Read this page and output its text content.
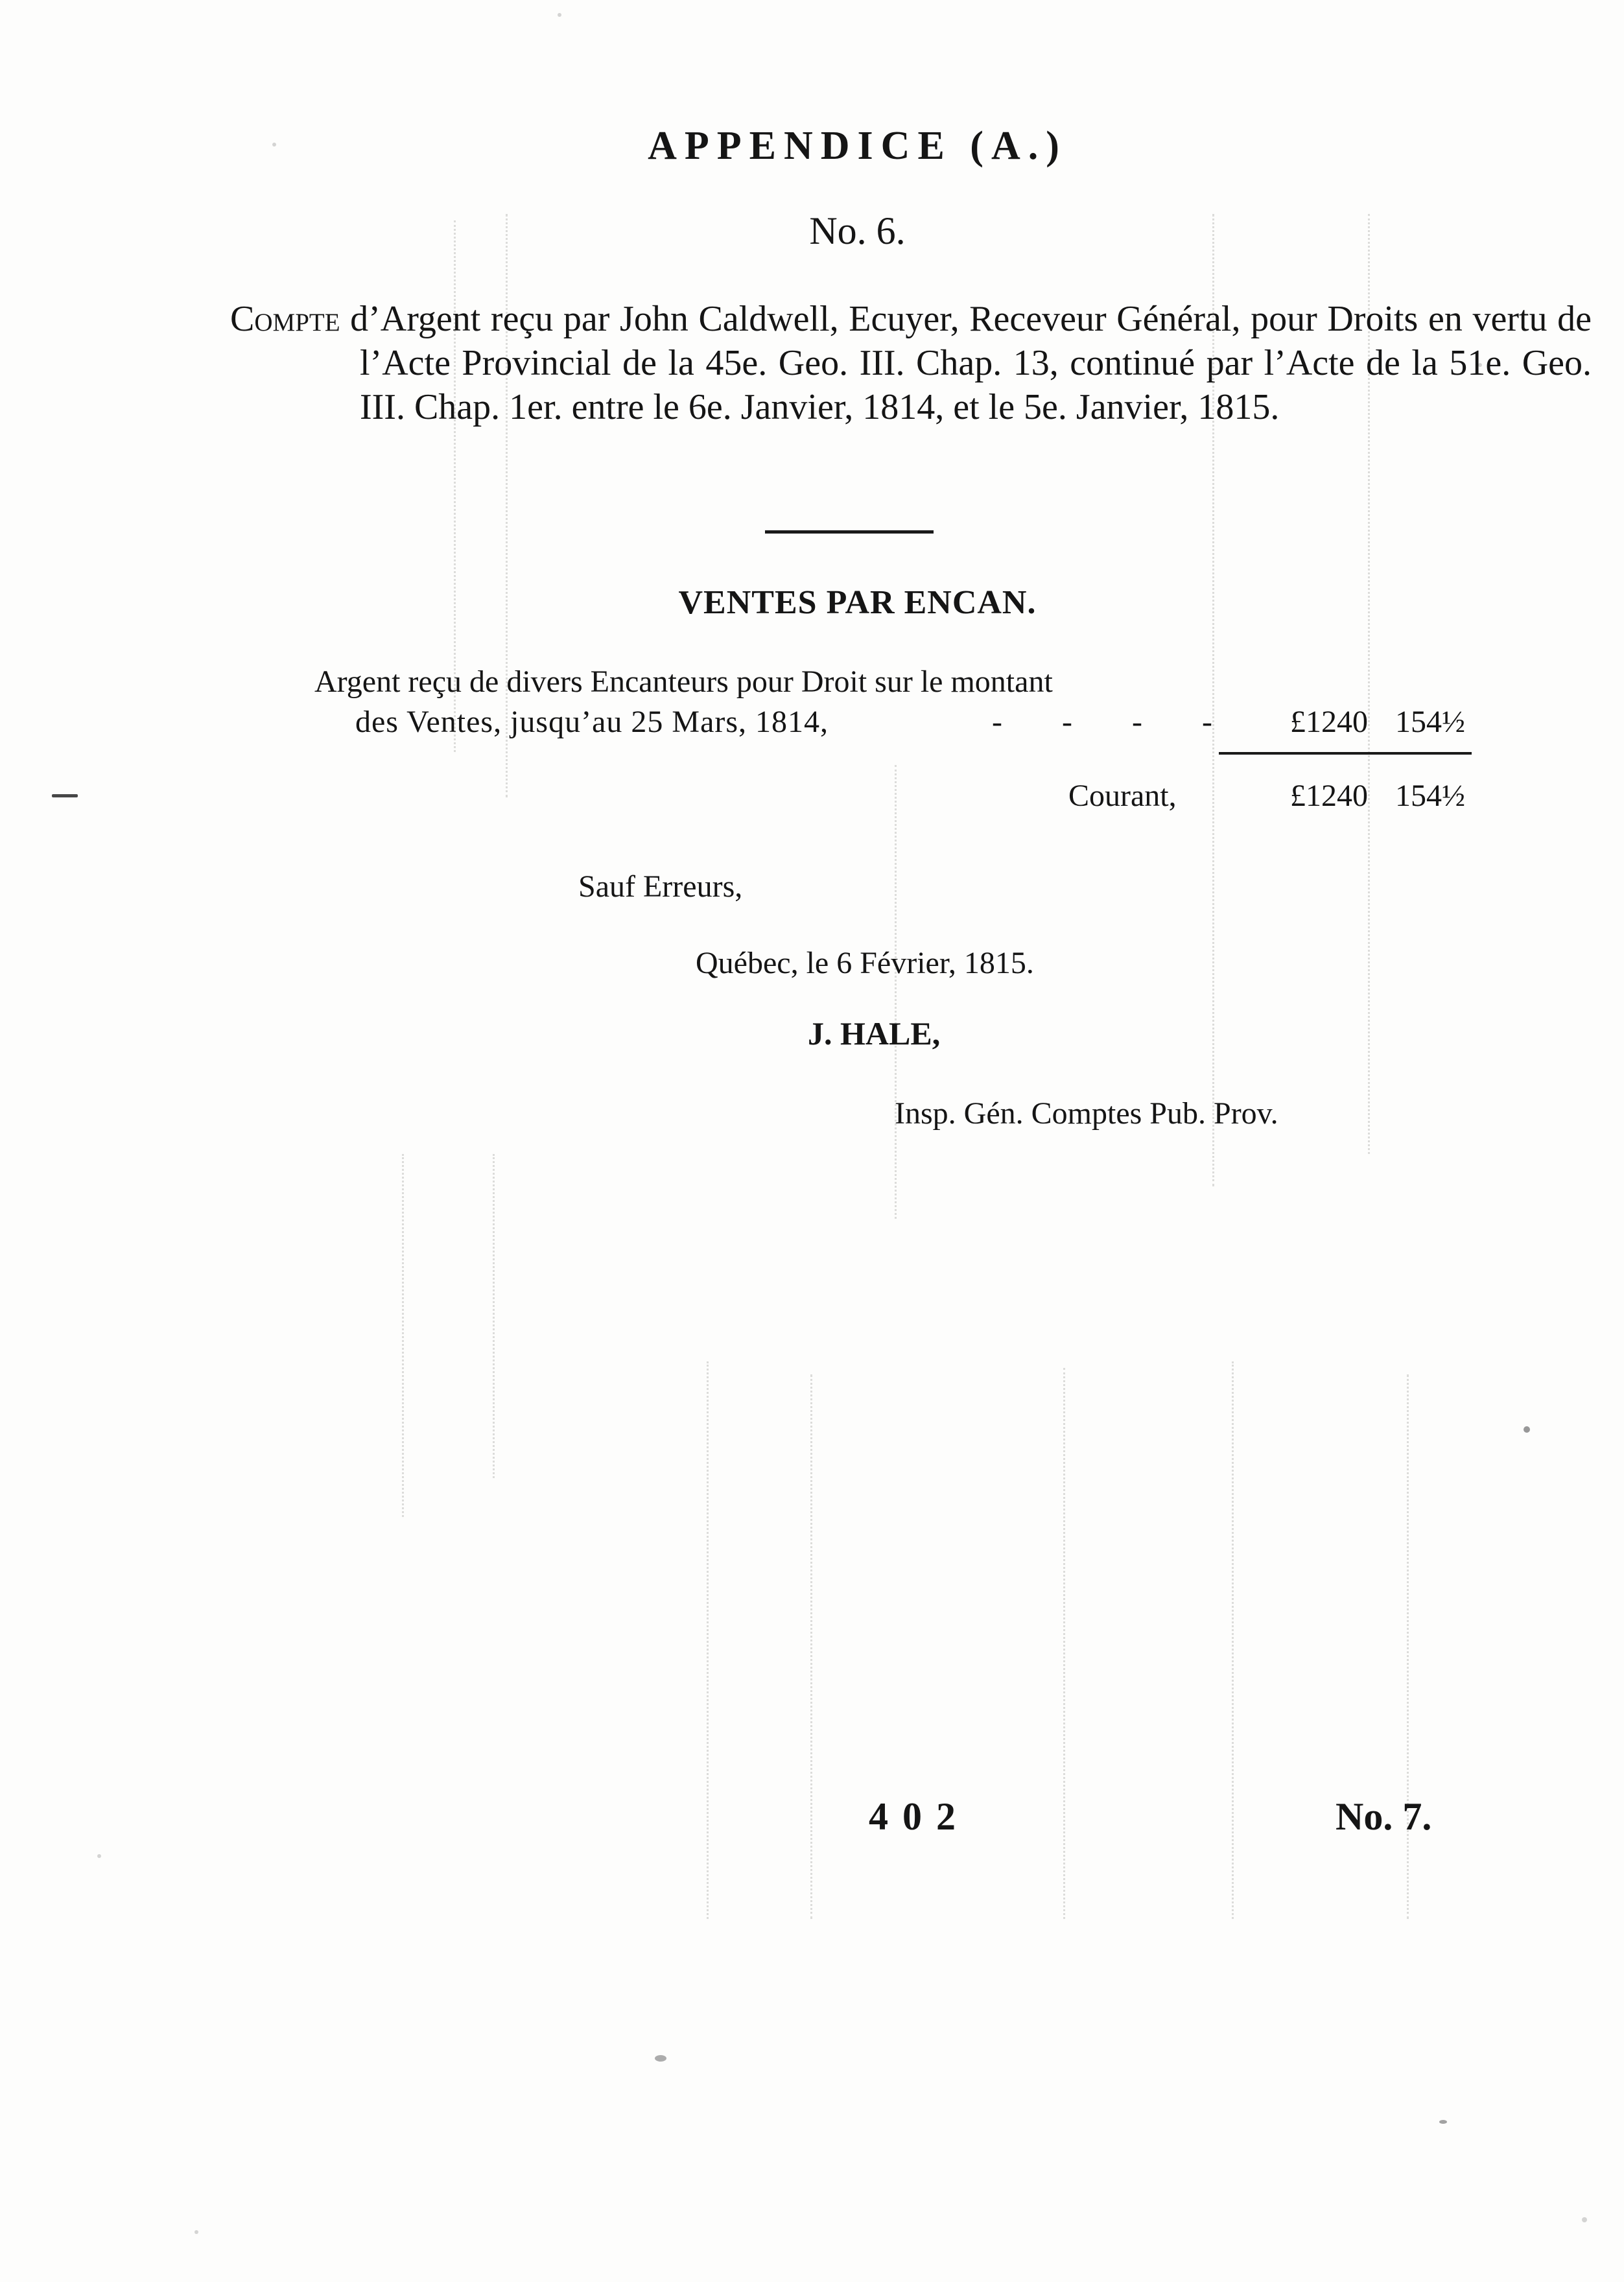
APPENDICE (A.)
No. 6.
Compte d’Argent reçu par John Caldwell, Ecuyer, Receveur Général, pour Droits en vertu de l’Acte Provincial de la 45e. Geo. III. Chap. 13, continué par l’Acte de la 51e. Geo. III. Chap. 1er. entre le 6e. Janvier, 1814, et le 5e. Janvier, 1815.
VENTES PAR ENCAN.
Argent reçu de divers Encanteurs pour Droit sur le montant
des Ventes, jusqu’au 25 Mars, 1814,	- - - -	£1240 15 4½
Courant,	£1240 15 4½
Sauf Erreurs,
Québec, le 6 Février, 1815.
J. HALE,
Insp. Gén. Comptes Pub. Prov.
402	No. 7.
